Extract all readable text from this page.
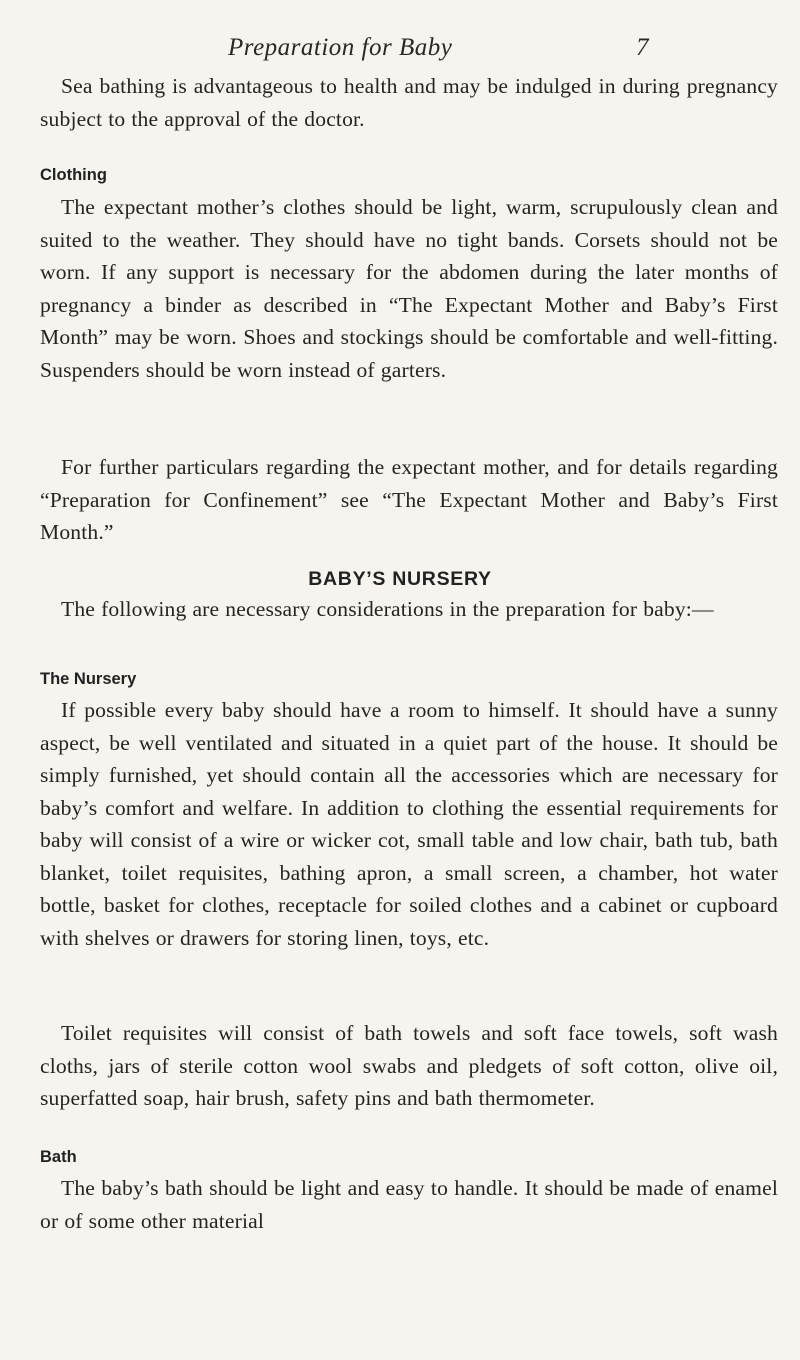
Preparation for Baby	7

Sea bathing is advantageous to health and may be indulged in during pregnancy subject to the approval of the doctor.

Clothing

The expectant mother’s clothes should be light, warm, scrupulously clean and suited to the weather. They should have no tight bands. Corsets should not be worn. If any support is necessary for the abdomen during the later months of pregnancy a binder as described in “The Expectant Mother and Baby’s First Month” may be worn. Shoes and stockings should be comfortable and well-fitting. Suspenders should be worn instead of garters.

For further particulars regarding the expectant mother, and for details regarding “Preparation for Confinement” see “The Expectant Mother and Baby’s First Month.”

BABY’S NURSERY

The following are necessary considerations in the preparation for baby:—

The Nursery

If possible every baby should have a room to himself. It should have a sunny aspect, be well ventilated and situated in a quiet part of the house. It should be simply furnished, yet should contain all the accessories which are necessary for baby’s comfort and welfare. In addition to clothing the essential requirements for baby will consist of a wire or wicker cot, small table and low chair, bath tub, bath blanket, toilet requisites, bathing apron, a small screen, a chamber, hot water bottle, basket for clothes, receptacle for soiled clothes and a cabinet or cupboard with shelves or drawers for storing linen, toys, etc.

Toilet requisites will consist of bath towels and soft face towels, soft wash cloths, jars of sterile cotton wool swabs and pledgets of soft cotton, olive oil, superfatted soap, hair brush, safety pins and bath thermometer.

Bath

The baby’s bath should be light and easy to handle. It should be made of enamel or of some other material
